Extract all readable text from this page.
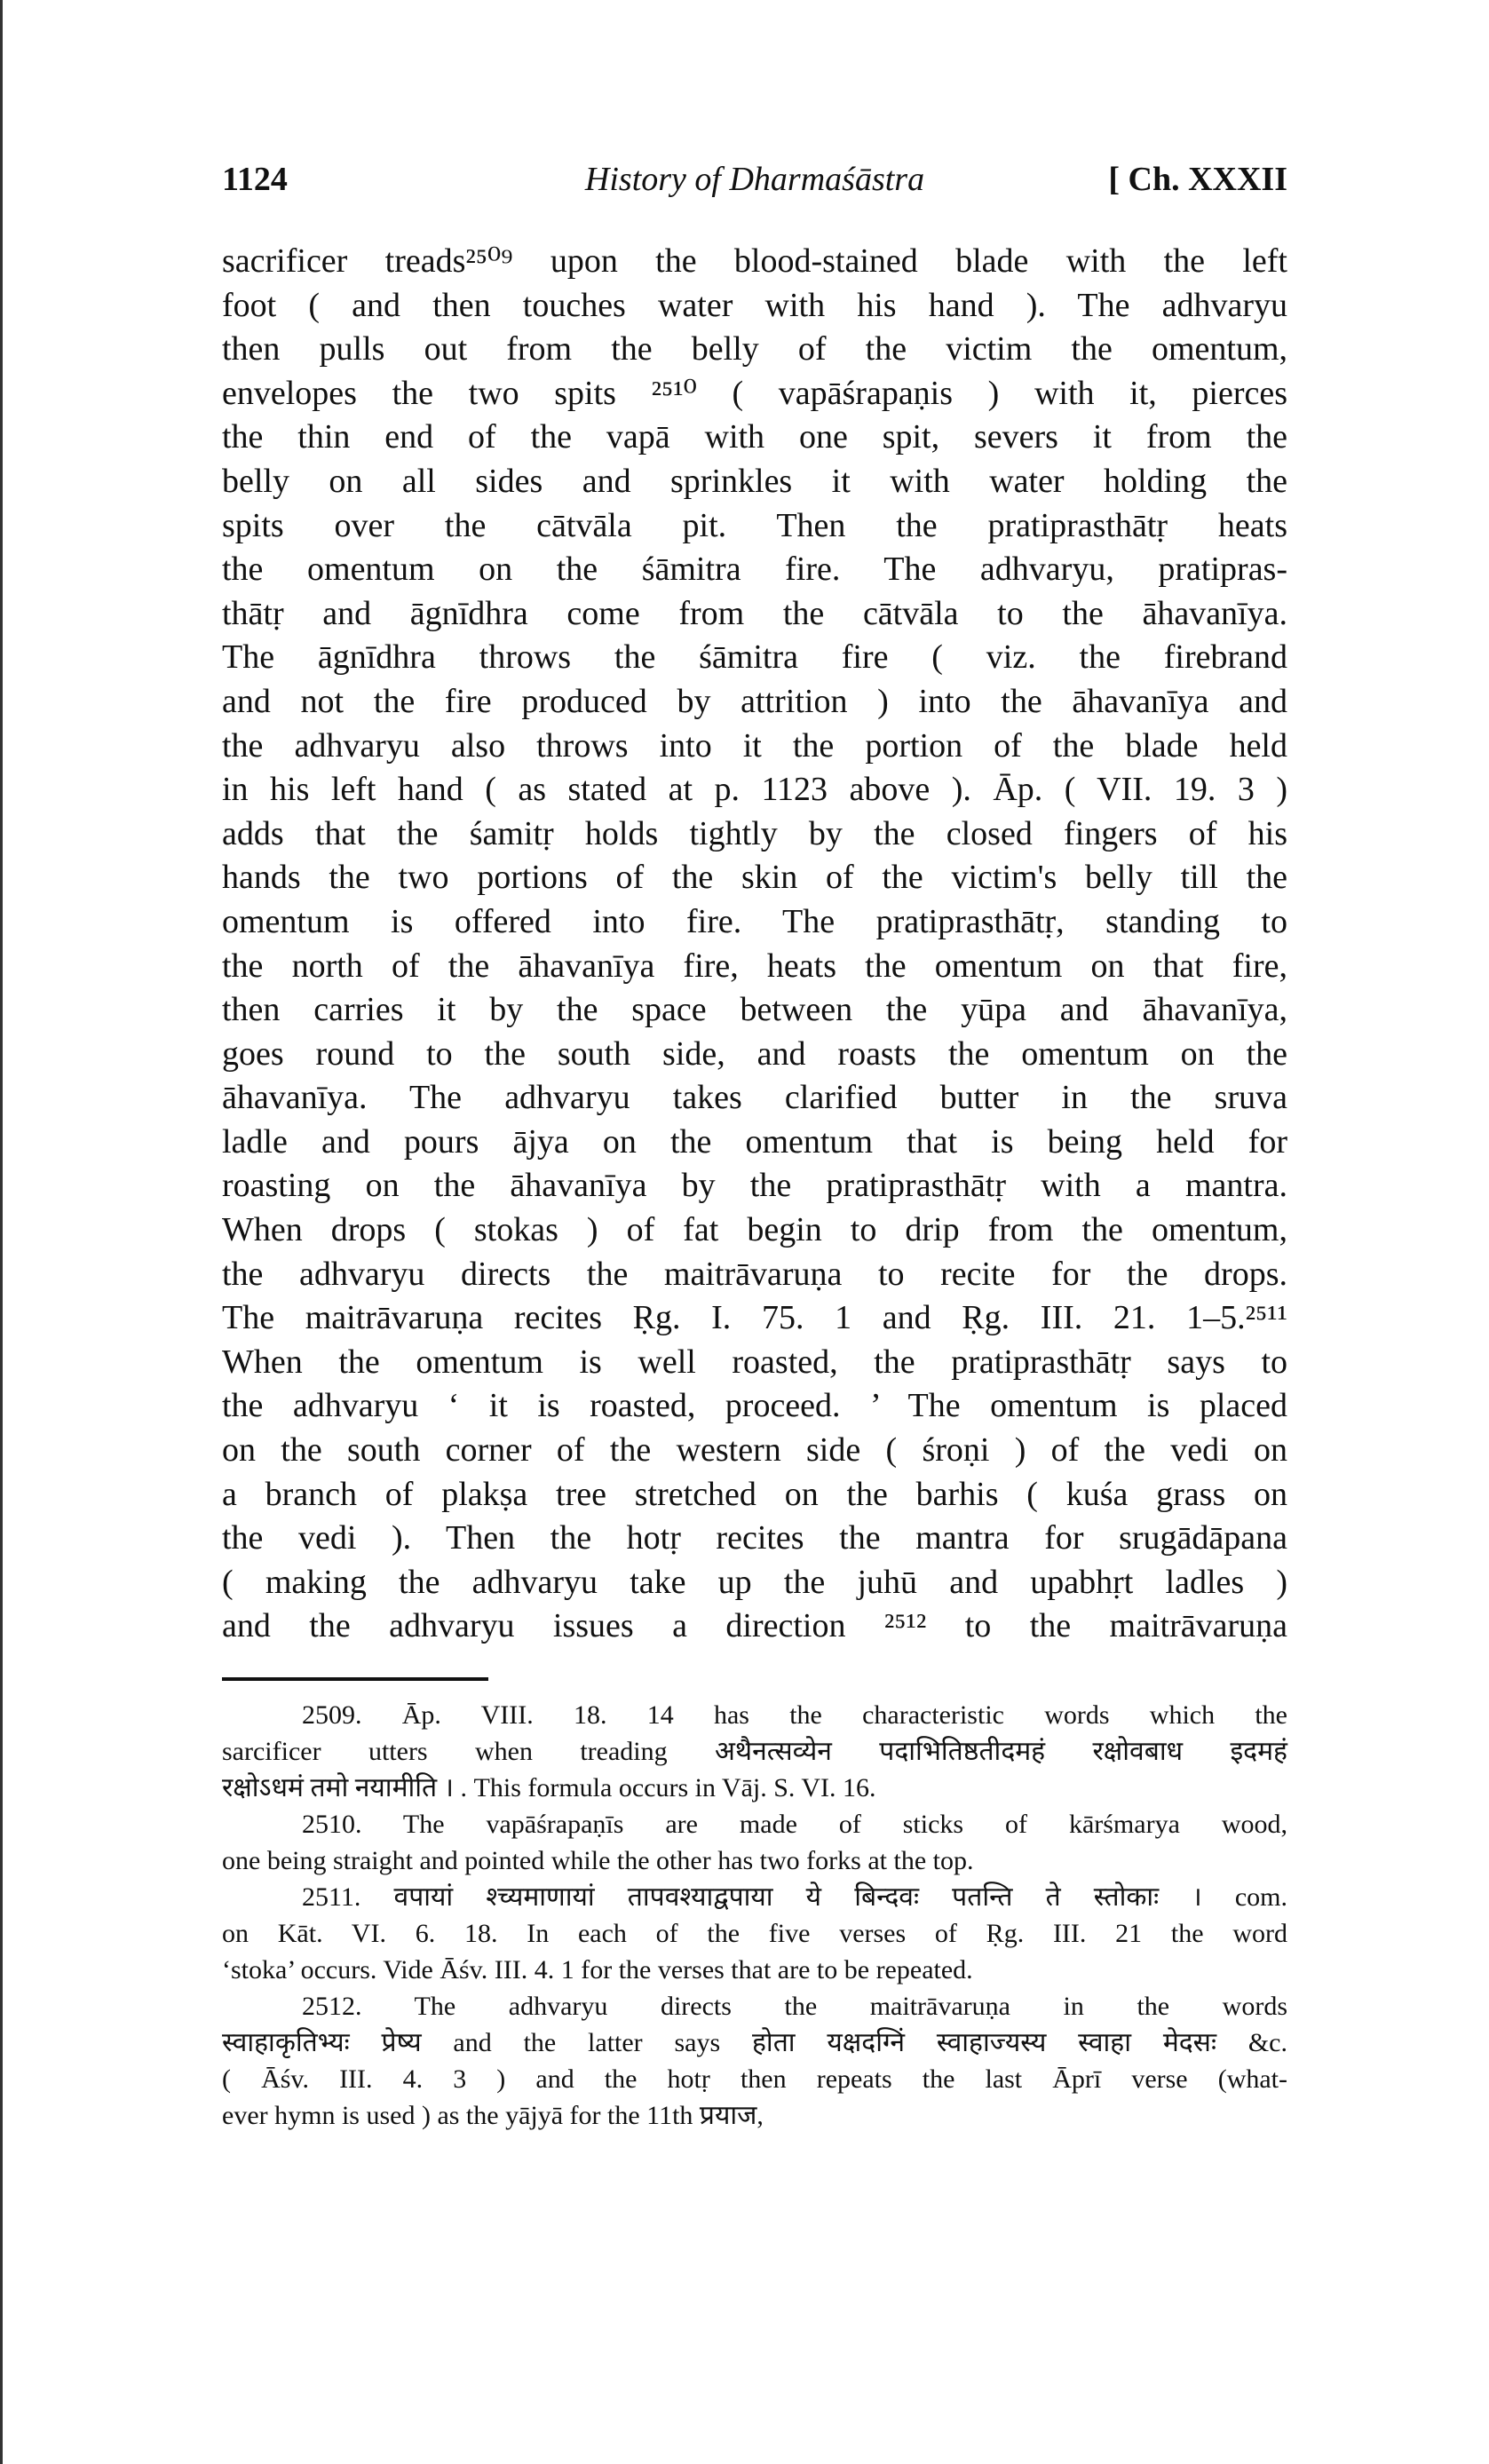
1124	History of Dharmaśāstra	[ Ch. XXXII
sacrificer treads²⁵⁰⁹ upon the blood-stained blade with the left
foot ( and then touches water with his hand ). The adhvaryu
then pulls out from the belly of the victim the omentum,
envelopes the two spits ²⁵¹⁰ ( vapāśrapaṇis ) with it, pierces
the thin end of the vapā with one spit, severs it from the
belly on all sides and sprinkles it with water holding the
spits over the cātvāla pit. Then the pratiprasthātṛ heats
the omentum on the śāmitra fire. The adhvaryu, pratipras-
thātṛ and āgnīdhra come from the cātvāla to the āhavanīya.
The āgnīdhra throws the śāmitra fire ( viz. the firebrand
and not the fire produced by attrition ) into the āhavanīya and
the adhvaryu also throws into it the portion of the blade held
in his left hand ( as stated at p. 1123 above ). Āp. ( VII. 19. 3 )
adds that the śamitṛ holds tightly by the closed fingers of his
hands the two portions of the skin of the victim's belly till the
omentum is offered into fire. The pratiprasthātṛ, standing to
the north of the āhavanīya fire, heats the omentum on that fire,
then carries it by the space between the yūpa and āhavanīya,
goes round to the south side, and roasts the omentum on the
āhavanīya. The adhvaryu takes clarified butter in the sruva
ladle and pours ājya on the omentum that is being held for
roasting on the āhavanīya by the pratiprasthātṛ with a mantra.
When drops ( stokas ) of fat begin to drip from the omentum,
the adhvaryu directs the maitrāvaruṇa to recite for the drops.
The maitrāvaruṇa recites Ṛg. I. 75. 1 and Ṛg. III. 21. 1–5.²⁵¹¹
When the omentum is well roasted, the pratiprasthātṛ says to
the adhvaryu ‘ it is roasted, proceed. ’ The omentum is placed
on the south corner of the western side ( śroṇi ) of the vedi on
a branch of plakṣa tree stretched on the barhis ( kuśa grass on
the vedi ). Then the hotṛ recites the mantra for srugādāpana
( making the adhvaryu take up the juhū and upabhṛt ladles )
and the adhvaryu issues a direction ²⁵¹² to the maitrāvaruṇa
2509. Āp. VIII. 18. 14 has the characteristic words which the
sarcificer utters when treading अथैनत्सव्येन पदाभितिष्ठतीदमहं रक्षोवबाध इदमहं
रक्षोऽधमं तमो नयामीति । . This formula occurs in Vāj. S. VI. 16.
2510. The vapāśrapaṇīs are made of sticks of kārśmarya wood,
one being straight and pointed while the other has two forks at the top.
2511. वपायां श्च्यमाणायां तापवश्याद्वपाया ये बिन्दवः पतन्ति ते स्तोकाः । com.
on Kāt. VI. 6. 18. In each of the five verses of Ṛg. III. 21 the word
‘stoka’ occurs. Vide Āśv. III. 4. 1 for the verses that are to be repeated.
2512. The adhvaryu directs the maitrāvaruṇa in the words
स्वाहाकृतिभ्यः प्रेष्य and the latter says होता यक्षदग्निं स्वाहाज्यस्य स्वाहा मेदसः &c.
( Āśv. III. 4. 3 ) and the hotṛ then repeats the last Āprī verse (what-
ever hymn is used ) as the yājyā for the 11th प्रयाज,
